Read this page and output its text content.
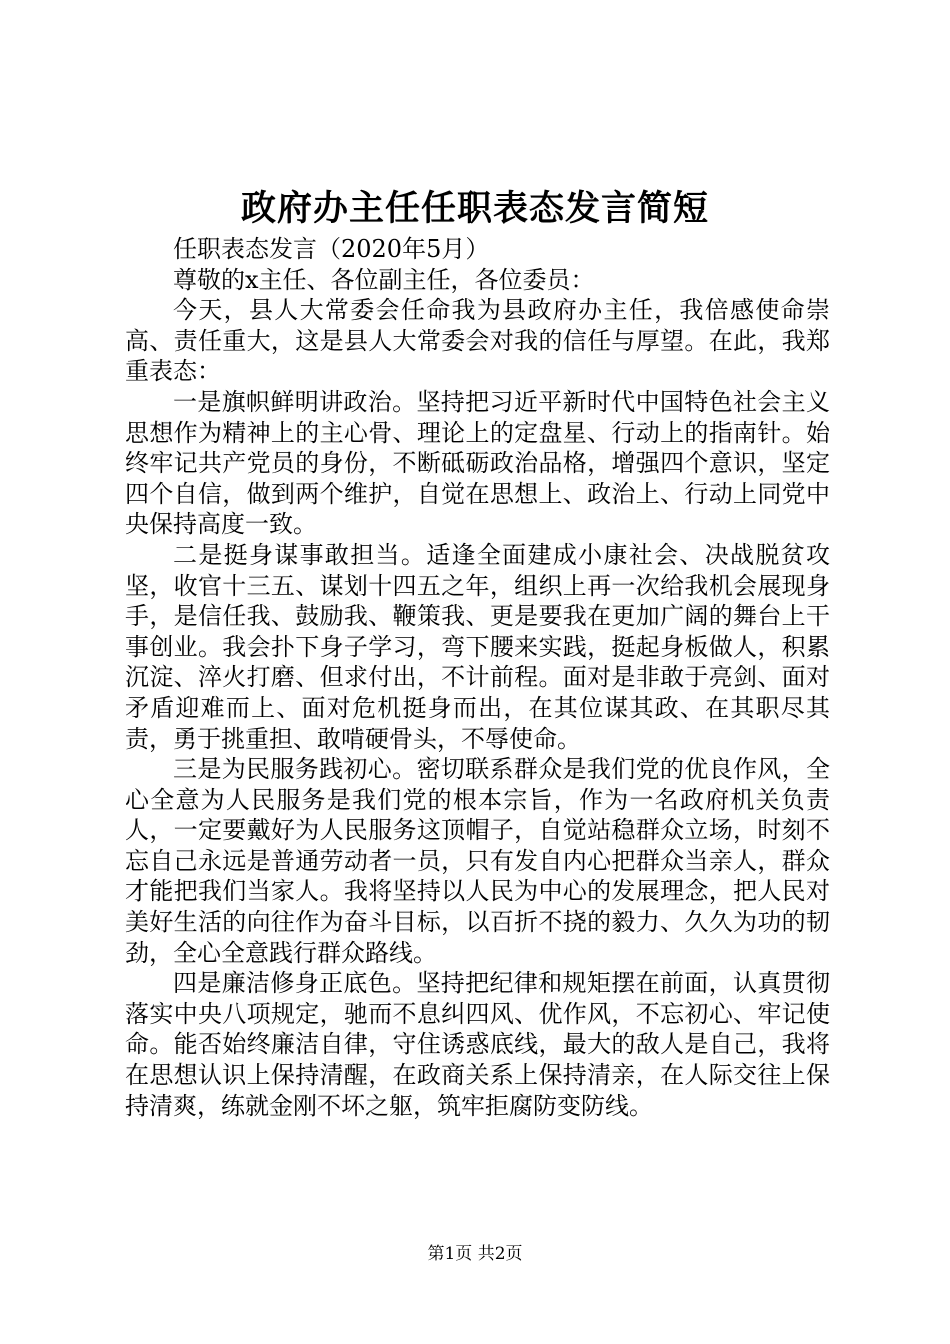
政府办主任任职表态发言简短

任职表态发言（2020年5月）

尊敬的x主任、各位副主任，各位委员：

今天，县人大常委会任命我为县政府办主任，我倍感使命崇高、责任重大，这是县人大常委会对我的信任与厚望。在此，我郑重表态：

一是旗帜鲜明讲政治。坚持把习近平新时代中国特色社会主义思想作为精神上的主心骨、理论上的定盘星、行动上的指南针。始终牢记共产党员的身份，不断砥砺政治品格，增强四个意识，坚定四个自信，做到两个维护，自觉在思想上、政治上、行动上同党中央保持高度一致。

二是挺身谋事敢担当。适逢全面建成小康社会、决战脱贫攻坚，收官十三五、谋划十四五之年，组织上再一次给我机会展现身手，是信任我、鼓励我、鞭策我、更是要我在更加广阔的舞台上干事创业。我会扑下身子学习，弯下腰来实践，挺起身板做人，积累沉淀、淬火打磨、但求付出，不计前程。面对是非敢于亮剑、面对矛盾迎难而上、面对危机挺身而出，在其位谋其政、在其职尽其责，勇于挑重担、敢啃硬骨头，不辱使命。

三是为民服务践初心。密切联系群众是我们党的优良作风，全心全意为人民服务是我们党的根本宗旨，作为一名政府机关负责人，一定要戴好为人民服务这顶帽子，自觉站稳群众立场，时刻不忘自己永远是普通劳动者一员，只有发自内心把群众当亲人，群众才能把我们当家人。我将坚持以人民为中心的发展理念，把人民对美好生活的向往作为奋斗目标，以百折不挠的毅力、久久为功的韧劲，全心全意践行群众路线。

四是廉洁修身正底色。坚持把纪律和规矩摆在前面，认真贯彻落实中央八项规定，驰而不息纠四风、优作风，不忘初心、牢记使命。能否始终廉洁自律，守住诱惑底线，最大的敌人是自己，我将在思想认识上保持清醒，在政商关系上保持清亲，在人际交往上保持清爽，练就金刚不坏之躯，筑牢拒腐防变防线。

第1页 共2页
